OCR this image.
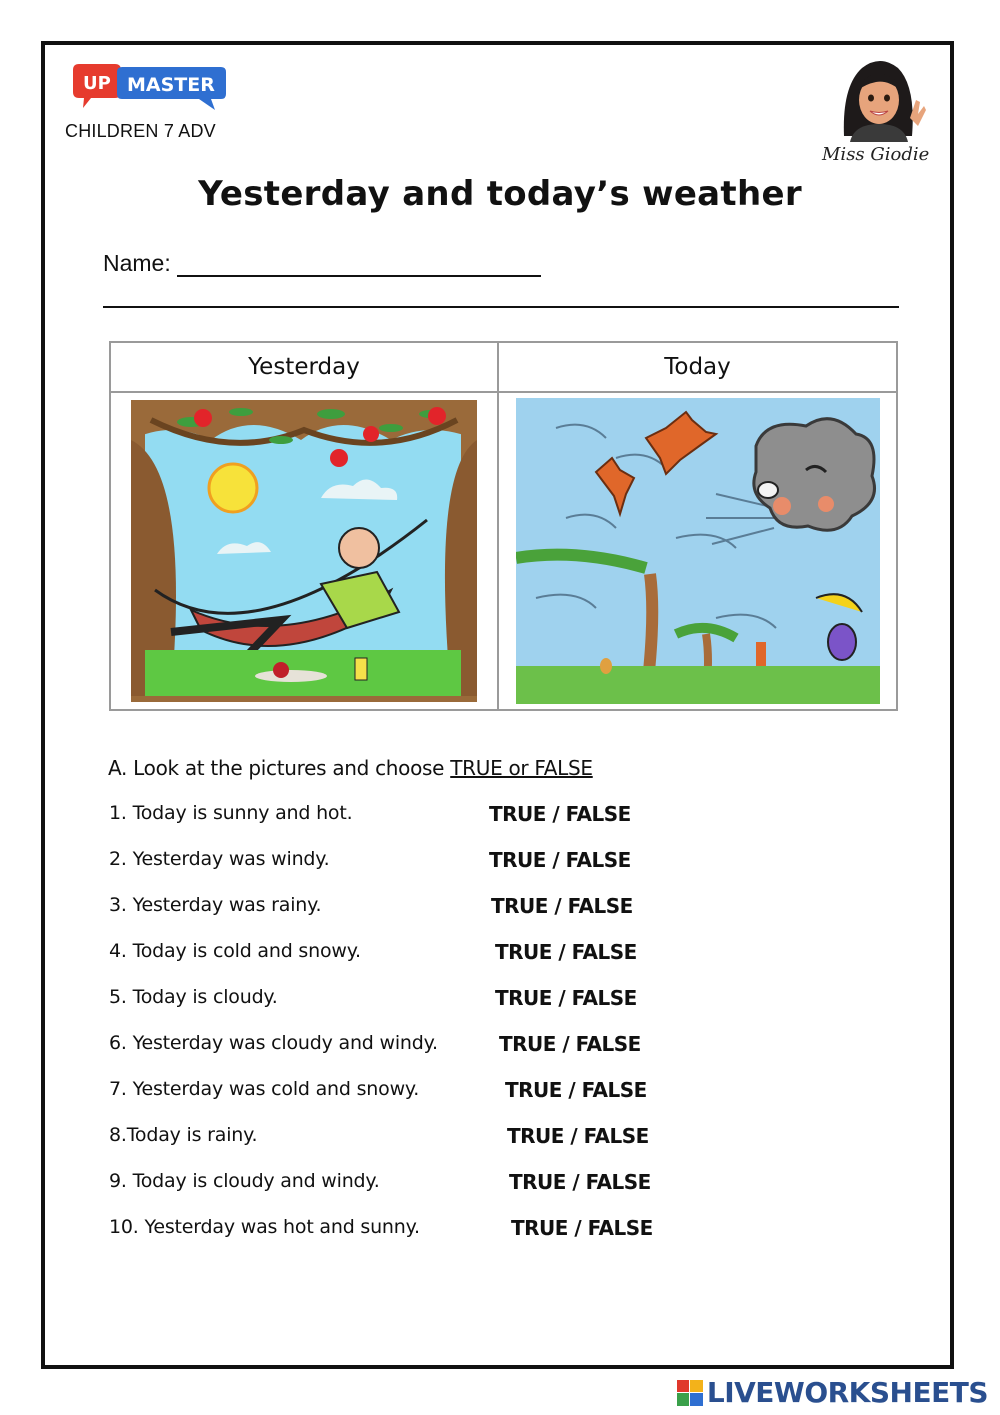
UP MASTER
CHILDREN 7 ADV
Miss Giodie
Yesterday and today’s weather
Name:
Yesterday	Today

A. Look at the pictures and choose TRUE or FALSE
1. Today is sunny and hot.	TRUE / FALSE
2. Yesterday was windy.	TRUE / FALSE
3. Yesterday was rainy.	TRUE / FALSE
4. Today is cold and snowy.	TRUE / FALSE
5. Today is cloudy.	TRUE / FALSE
6. Yesterday was cloudy and windy.	TRUE / FALSE
7. Yesterday was cold and snowy.	TRUE / FALSE
8.Today is rainy.	TRUE / FALSE
9. Today is cloudy and windy.	TRUE / FALSE
10. Yesterday was hot and sunny.	TRUE / FALSE
LIVEWORKSHEETS
